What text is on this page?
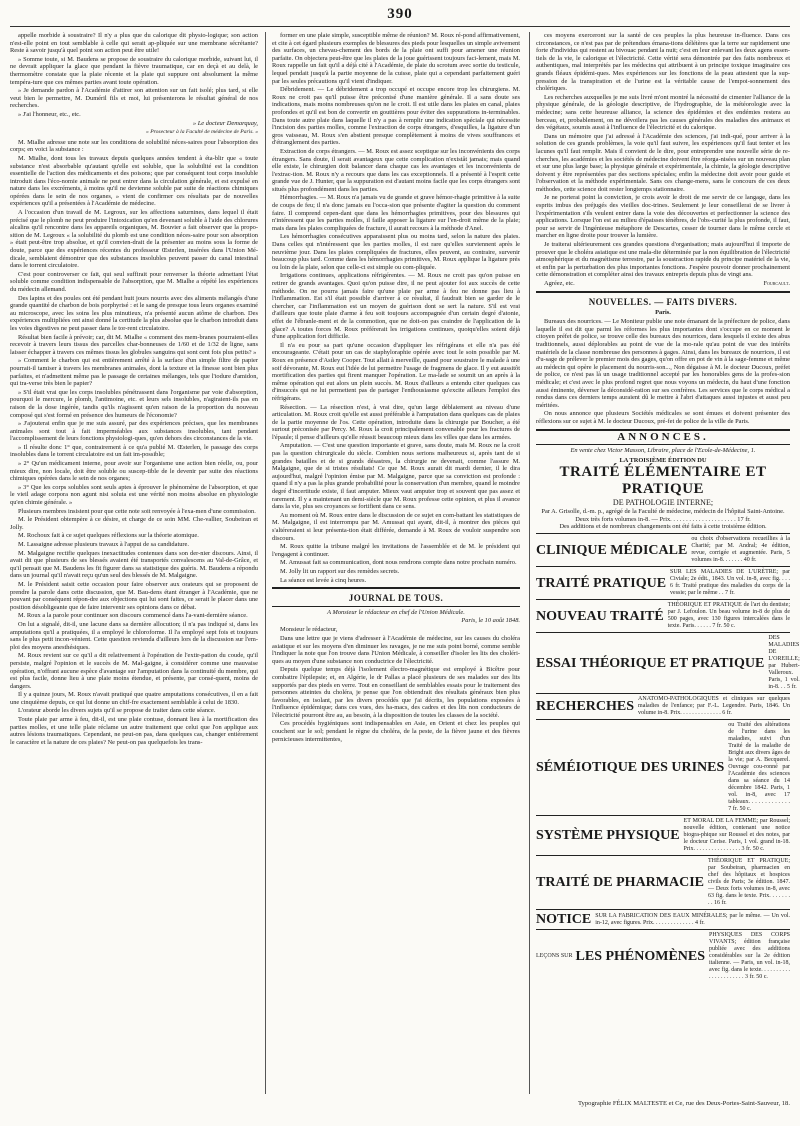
390

appelle morbide à soustraire? Il n'y a plus que du calorique dit physio-logique; son action n'est-elle point en tout semblable à celle qui serait ap-pliquée sur une membrane sécrétante? Reste à savoir jusqu'à quel point son action peut être utile!

» Somme toute, si M. Baudens se propose de soustraire du calorique morbide, suivant lui, il ne devrait appliquer la glace que pendant la fièvre traumatique, car en deçà et au delà, le thermomètre constate que la plaie récente et la plaie qui suppure ont absolument la même tempéra-ture que ces mêmes parties avant toute opération.

» Je demande pardon à l'Académie d'attirer son attention sur un fait isolé; plus tard, si elle veut bien le permettre, M. Duméril fils et moi, lui présenterons le résultat général de nos recherches.

» J'ai l'honneur, etc., etc.

» Le docteur Demarquay,
» Prosecteur à la Faculté de médecine de Paris. »

M. Mialhe adresse une note sur les conditions de solubilité néces-saires pour l'absorption des corps; en voici la substance :

M. Mialhe, dont tous les travaux depuis quelques années tendent à éta-blir que « toute substance n'est absorbable qu'autant qu'elle est soluble, que la solubilité est la condition essentielle de l'action des médicaments et des poisons; que par conséquent tout corps insoluble introduit dans l'éco-nomie animale ne peut entrer dans la circulation générale, et est expulsé en nature dans les excréments, à moins qu'il ne devienne soluble par suite de réactions chimiques opérées dans le sein de nos organes, » vient de confirmer ces résultats par de nouvelles expériences qu'il a présentées à l'Académie de médecine.

A l'occasion d'un travail de M. Legroux, sur les affections saturnines, dans lequel il était précisé que le plomb ne peut produire l'intoxication qu'en devenant soluble à l'aide des chlorures alcalins qu'il rencontre dans les appareils organiques, M. Bouvier a fait observer que la propo-sition de M. Legroux « la solubilité du plomb est une condition néces-saire pour son absorption » était peut-être trop absolue, et qu'il convien-drait de la présenter au moins sous la forme de doute, parce que des expériences récentes du professeur Œsterlen, insérées dans l'Union Mé-dicale, semblaient démontrer que des substances insolubles peuvent passer du canal intestinal dans le torrent circulatoire.

C'est pour controverser ce fait, qui seul suffirait pour renverser la théorie admettant l'état soluble comme condition indispensable de l'absorption, que M. Mialhe a répété les expériences du médecin allemand.

Des lapins et des poules ont été pendant huit jours nourris avec des aliments mélangés d'une grande quantité de charbon de bois porphyrisé : et le sang de presque tous leurs organes examiné au microscope, avec les soins les plus minutieux, n'a présenté aucun atôme de charbon. Des expériences multipliées ont ainsi donné la certitude la plus absolue que le charbon introduit dans les voies digestives ne peut passer dans le tor-rent circulatoire.

Résultat bien facile à prévoir; car, dit M. Mialhe « comment des mem-branes pourraient-elles recevoir à travers leurs tissus des parcelles char-bonneuses de 1/60 et de 1/32 de ligne, sans laisser échapper à travers ces mêmes tissus les globules sanguins qui sont cent fois plus petits? »

» Comment le charbon qui est entièrement arrêté à la surface d'un simple filtre de papier pourrait-il tamiser à travers les membranes animales, dont la texture et la finesse sont bien plus parfaites, et n'admettent même pas le passage de certaines mélanges, tels que l'iodure d'amidon, qui tra-verse très bien le papier?

» S'il était vrai que les corps insolubles pénétrassent dans l'organisme par voie d'absorption, pourquoi le mercure, le plomb, l'antimoine, etc. et leurs sels insolubles, n'agiraient-ils pas en raison de la dose ingérée, tandis qu'ils n'agissent qu'en raison de la proportion du nouveau composé qui s'est formé en présence des humeurs de l'économie?

» J'ajouterai enfin que je me suis assuré, par des expériences précises, que les membranes animales sont tout à fait imperméables aux substances insolubles, tant pendant l'accomplissement de leurs fonctions physiologi-ques, qu'en dehors des circonstances de la vie.

» Il résulte donc 1° que, contrairement à ce qu'a publié M. Œsterlen, le passage des corps insolubles dans le torrent circulatoire est un fait im-possible;

» 2° Qu'un médicament interne, pour avoir sur l'organisme une action bien réelle, ou, pour mieux dire, non locale, doit être soluble ou suscep-tible de le devenir par suite des réactions chimiques opérées dans le sein de nos organes;

» 3° Que les corps solubles sont seuls aptes à éprouver le phénomène de l'absorption, et que le vieil adage corpora non agunt nisi soluta est une vérité non moins absolue en physiologie qu'en chimie générale. »

Plusieurs membres insistent pour que cette note soit renvoyée à l'exa-men d'une commission.

M. le Président obtempère à ce désire, et charge de ce soin MM. Che-vallier, Soubeiran et Jolly.

M. Rochoux fait à ce sujet quelques réflexions sur la théorie atomique.

M. Lassaigne adresse plusieurs travaux à l'appui de sa candidature.

M. Malgaigne rectifie quelques inexactitudes contenues dans son der-nier discours. Ainsi, il avait dit que plusieurs de ses blessés avaient été transportés convalescens au Val-de-Grâce, et qu'il pensait que M. Baudens les fit figurer dans sa statistique des guéris. M. Baudens a répondu dans un journal qu'il n'avait reçu qu'un seul des blessés de M. Malgaigne.

M. le Président saisit cette occasion pour faire observer aux orateurs qui se proposent de prendre la parole dans cette discussion, que M. Bau-dens étant étranger à l'Académie, que ne pouvant par conséquent répon-dre aux objections qui lui sont faites, ce serait le placer dans une position désobligeante que de faire intervenir ses opinions dans ce débat.

M. Roux a la parole pour continuer son discours commencé dans l'a-vant-dernière séance.

On lui a signalé, dit-il, une lacune dans sa dernière allocution; il n'a pas indiqué si, dans les amputations qu'il a pratiquées, il a employé le chloroforme. Il l'a employé sept fois et toujours sans le plus petit incon-vénient. Cette question revienda d'ailleurs lors de la discussion sur l'em-ploi des moyens anesthésiques.

M. Roux revient sur ce qu'il a dit relativement à l'opération de l'extir-pation du coude, qu'il persiste, malgré l'opinion et le succès de M. Mal-gaigne, à considérer comme une mauvaise opération, n'offrant aucune espèce d'avantage sur l'amputation dans la continuité du membre, qui est plus facile, donne lieu à une plaie moins étendue, et présente, par consé-quent, moins de dangers.

Il y a quinze jours, M. Roux n'avait pratiqué que quatre amputations consécutives, il en a fait une cinquième depuis, ce qui lui donne un chif-fre exactement semblable à celui de 1830.

L'orateur aborde les divers sujets qu'il se propose de traiter dans cette séance.

Toute plaie par arme à feu, dit-il, est une plaie contuse, donnant lieu à la mortification des parties molles, et une telle plaie réclame un autre traitement que celui que l'on applique aux autres lésions traumatiques. Cependant, ne peut-on pas, dans quelques cas, changer entièrement le caractère et la nature de ces plaies? Ne peut-on pas quelquefois les trans-

former en une plaie simple, susceptible même de réunion? M. Roux ré-pond affirmativement, et cite à cet égard plusieurs exemples de blessures des pieds pour lesquelles un simple avivement des surfaces, un chevau-chement des bords de la plaie ont suffi pour amener une réunion parfaite. On objectera peut-être que les plaies de la joue guérissent toujours faci-lement, mais M. Roux rappelle un fait qu'il a déjà cité à l'Académie, de plaie du scrotum avec sortie du testicule, lequel pendait jusqu'à la partie moyenne de la cuisse, plaie qui a cependant parfaitement guéri par les seules précautions qu'il vient d'indiquer.

Débridement. — Le débridement a trop occupé et occupe encore trop les chirurgiens. M. Roux ne croit pas qu'il puisse être préconisé d'une manière générale. Il a sans doute ses indications, mais moins nombreuses qu'on ne le croit. Il est utile dans les plaies en canal, plaies profondes et qu'il est bon de convertir en gouttières pour éviter des suppurations in-terminables. Dans toute autre plaie dans laquelle il n'y a pas à remplir une indication spéciale qui nécessite l'incision des parties molles, comme l'extraction de corps étrangers, d'esquilles, la ligature d'un gros vaisseau, M. Roux s'en abstient presque complètement à moins de vives souffrances et d'étranglement des parties.

Extraction de corps étrangers. — M. Roux est assez sceptique sur les inconvénients des corps étrangers. Sans doute, il serait avantageux que cette complication n'existât jamais; mais quand elle existe, le chirurgien doit balancer dans chaque cas les avantages et les inconvénients de l'extrac-tion. M. Roux n'y a recours que dans les cas exceptionnels. Il a présenté à l'esprit cette grande vue de J. Hunter, que la suppuration est d'autant moins facile que les corps étrangers sont situés plus profondément dans les parties.

Hémorrhagies. — M. Roux n'a jamais vu de grande et grave hémor-rhagie primitive à la suite de coups de feu; il n'a donc jamais eu l'occa-sion que présente d'agiter la question du comment faire. Il comprend cepen-dant que dans les hémorrhagies primitives, pour des blessures qui n'intéressent que les parties molles, il faille apposer la ligature sur l'en-droit même de la plaie; mais dans les plaies compliquées de fracture, il aurait recours à la méthode d'Anel.

Les hémorrhagies consécutives apparaissent plus ou moins tard, selon la nature des plaies. Dans celles qui n'intéressent que les parties molles, il est rare qu'elles surviennent après le neuvième jour. Dans les plaies compliquées de fractures, elles peuvent, au contraire, survenir beaucoup plus tard. Comme dans les hémorrhagies primitives, M. Roux applique la ligature près ou loin de la plaie, selon que celle-ci est simple ou com-pliquée.

Irrigations continues, applications réfrigérentes. — M. Roux ne croit pas qu'on puisse en retirer de grands avantages. Quoi qu'on puisse dire, il ne peut ajouter foi aux succès de cette méthode. On ne pourra jamais faire qu'une plaie par arme à feu ne donne pas lieu à l'inflammation. Est s'il était possible d'arriver à ce résultat, il faudrait bien se garder de le chercher, car l'inflammation est un moyen de guérison dont se sert la nature. S'il est vrai d'ailleurs que toute plaie d'arme à feu soit toujours accompagnée d'un certain degré d'atonie, effet de l'ébranle-ment et de la commotion, que ne doit-on pas craindre de l'application de la glace? A toutes forces M. Roux préférerait les irrigations continues, quoiqu'elles soient déjà d'une application fort difficile.

Il n'a eu pour sa part qu'une occasion d'appliquer les réfrigérans et elle n'a pas été encourageante. C'était pour un cas de staphyloraphie opérée avec tout le soin possible par M. Roux en présence d'Astley Cooper. Tout allait à merveille, quand pour soustraire le malade à une soif dévorante, M. Roux eut l'idée de lui permettre l'usage de fragmens de glace. Il y eut aussitôt mortification des parties qui firent manquer l'opération. Le ma-lade se soumit un an après à la même opération qui eut alors un plein succès. M. Roux d'ailleurs a entendu citer quelques cas d'insuccès qui ne lui permettent pas de partager l'enthousiasme qu'excite ailleurs l'emploi des réfrigérans.

Résection. — La résection n'est, à vrai dire, qu'un large déblaiement au niveau d'une articulation. M. Roux croit qu'elle est aussi préférable à l'amputation dans quelques cas de plaies de la partie moyenne de l'os. Cette opération, introduite dans la chirurgie par Boucher, a été surtout préconisée par Percy. M. Roux la croit principalement convenable pour les fractures de l'épaule; il pense d'ailleurs qu'elle réussit beaucoup mieux dans les villes que dans les armées.

Amputation. — C'est une question importante et grave, sans doute, mais M. Roux ne la croit pas la question chirurgicale du siècle. Combien nous serions malheureux si, après tant de si grandes batailles et de si grands désastres, la chirurgie ne devenait, comme l'assure M. Malgaigne, que de si tristes résultats! Ce que M. Roux aurait dit mardi dernier, il le dira aujourd'hui, malgré l'opinion émise par M. Malgaigne, parce que sa conviction est profonde : quand il n'y a pas la plus grande probabilité pour la conservation d'un membre, quand le moindre degré d'incertitude existe, il faut amputer. Mieux vaut amputer trop et souvent que pas assez et rarement. Il y a maintenant un demi-siècle que M. Roux professe cette opinion, et plus il avance dans la vie, plus ses croyances se fortifient dans ce sens.

Au moment où M. Roux entre dans le discussion de ce sujet en com-battant les statistiques de M. Malgaigne, il est interrompu par M. Amussat qui ayant, dit-il, à montrer des pièces qui s'altéreraient si leur présenta-tion était différée, demande à M. Roux de vouloir suspendre son discours.

M. Roux quitte la tribune malgré les invitations de l'assemblée et de M. le président qui l'engagent à continuer.

M. Amussat fait sa communication, dont nous rendrons compte dans notre prochain numéro.

M. Jolly lit un rapport sur des remèdes secrets.

La séance est levée à cinq heures.

JOURNAL DE TOUS.
A Monsieur le rédacteur en chef de l'Union Médicale.
Paris, le 10 août 1848.

Monsieur le rédacteur,

Dans une lettre que je viens d'adresser à l'Académie de médecine, sur les causes du choléra asiatique et sur les moyens d'en diminuer les ravages, je ne me suis point borné, comme semble l'indiquer la note que l'on trouve dans l'Union Médicale, à conseiller d'isoler les lits des choléri-ques au moyen d'une substance non conductrice de l'électricité.

Depuis quelque temps déjà l'isolement électro-magnétique est employé à Bicêtre pour combattre l'épilepsie; et, en Algérie, le dr Pallas a placé plusieurs de ses malades sur des lits supportés par des pieds en verre. Tout en conseillant de semblables essais pour le traitement des personnes atteintes du choléra, je pense que l'on obtiendrait des résultats généraux bien plus favorables, en isolant, par les divers procédés que j'ai décrits, les populations exposées à l'influence épidémique; dans ces vues, des ha-macs, des cadres et des lits non conducteurs de l'électricité pourront être au, au besoin, à la disposition de toutes les classes de la société.

Ces procédés hygiéniques sont indispensables en Asie, en Orient et chez les peuples qui couchent sur le sol; pendant le règne du choléra, de la peste, de la fièvre jaune et des fièvres pernicieuses intermittentes,

ces moyens exerceront sur la santé de ces peuples la plus heureuse in-fluence. Dans ces circonstances, ce n'est pas par de prétendues émana-tions délétères que la terre sur rapidement une forte d'individus qui restent au bivouac pendant la nuit; c'est en leur enlevant les deux agens essen-tiels de la vie, le calorique et l'électricité. Cette vérité sera démontrée par des faits nombreux et authentiques, mal interprétés par les médecins qui attribuent à un principe toxique imaginaire ces grands fléaux épidémi-ques. Mes expériences sur les fonctions de la peau attestent que la sup-pression de la transpiration et de l'urine est la véritable cause de l'empoi-sonnement des cholériques.

Les recherches auxquelles je me suis livré m'ont montré la nécessité de cimenter l'alliance de la physique générale, de la géologie descriptive, de l'hydrographie, de la météorologie avec la médecine; sans cette heureuse alliance, la science des épidémies et des endémies restera au berceau, et, probablement, on ne dévoilera pas les causes générales des maladies des animaux et des végétaux, soumis aussi à l'influence de l'électricité et du calorique.

Dans un mémoire que j'ai adressé à l'Académie des sciences, j'ai indi-qué, pour arriver à la solution de ces grands problèmes, la voie qu'il faut suivre, les expériences qu'il faut tenter et les lacunes qu'il faut remplir. Mais il convient de le dire, pour entreprendre une nouvelle série de re-cherches, les académies et les sociétés de médecine doivent être réorga-nisées sur un nouveau plan et sur une plus large base; la physique générale et expérimentale, la chimie, la géologie descriptive doivent y être représentées par des sections spéciales; enfin la médecine doit avoir pour guide et l'observation et la méthode expérimentale. Sans ces change-mens, sans le concours de ces deux méthodes, cette science doit rester longtemps stationnaire.

Je ne porterai point la conviction, je crois avoir le droit de me servir de ce langage, dans les esprits imbus des préjugés des vieilles doc-trines. Seulement je leur conseillerai de se livrer à l'expérimentation s'ils veulent entrer dans la voie des découvertes et perfectionner la science des applications. Lorsque l'on est au milieu d'épaisses ténèbres, de l'obs-curité la plus profonde, il faut, pour se servir de l'ingénieuse métaphore de Descartes, cesser de tourner dans le même cercle et marcher en ligne droite pour trouver la lumière.

Je traiterai ultérieurement ces grandes questions d'organisation; mais aujourd'hui il importe de prouver que le choléra asiatique est une mala-die déterminée par la non équilibration de l'électricité atmosphérique et du magnétisme terrestre, par la soustraction rapide du principe matériel de la vie, et enfin par la perturbation des plus importantes fonctions. J'espère pouvoir donner prochainement cette démonstration et compléter ainsi des travaux entrepris depuis plus de vingt ans.

Agréez, etc.	Fourcault.
NOUVELLES. — FAITS DIVERS.
Paris.

Bureaux des nourrices. — Le Moniteur publie une note émanant de la préfecture de police, dans laquelle il est dit que parmi les réformes les plus importantes dont s'occupe en ce moment le citoyen préfet de police, se trouve celle des bureaux des nourrices, dans lesquels il existe des abus traditionnels, aussi déplorables au point de vue de la mo-rale qu'au point de vue des intérêts matériels de la classe nombreuse des personnes à gages. Ainsi, dans les bureaux de nourrices, il est d'u-sage de prélever le premier mois des gages, qu'on offre en pot de vin à la sage-femme et même au médecin qui opère le placement du nourris-son..., Non dégaisse à M. le docteur Ducoux, préfet de police, ce n'est pas là un usage traditionnel accepté par les honorables gens de la profes-sion médicale; et c'est avec le plus profond regret que nous voyons un médecin, du haut d'une fonction aussi éminente, déverser la déconsidé-ration sur ses confrères. Les services que le corps médical a rendus dans ces derniers temps auraient dû le mettre à l'abri d'attaques aussi injustes et aussi peu méritées.

On nous annonce que plusieurs Sociétés médicales se sont émues et doivent présenter des réflexions sur ce sujet à M. le docteur Ducoux, pré-fet de police de la ville de Paris.

ANNONCES.
En vente chez Victor Masson, Libraire, place de l'Ecole-de-Médecine, 1.
LA TROISIÈME ÉDITION DU
TRAITÉ ÉLÉMENTAIRE ET PRATIQUE
DE PATHOLOGIE INTERNE;
Par A. Grisolle, d.-m. p., agrégé de la Faculté de médecine, médecin de l'hôpital Saint-Antoine.
Deux très forts volumes in-8. — Prix. . . . . . . . . . . . . . . . . . . . . 17 fr.
Des additions et de nombreux changements ont été faits à cette troisième édition.
CLINIQUE MÉDICALE
ou choix d'observations recueillies à la Charité; par M. Andral; 4e édition, revue, corrigée et augmentée. Paris, 5 volumes in-8. . . . . . . 40 fr.
TRAITÉ PRATIQUE
SUR LES MALADIES DE L'URÈTRE; par Civiale; 2e édit., 1843. Un vol. in-8, avec fig. . . . 6 fr. Traité pratique des maladies du corps de la vessie; par le même . . 7 fr.
NOUVEAU TRAITÉ
THÉORIQUE ET PRATIQUE de l'art du dentiste; par J. Lefoulon. Un beau volume in-8 de plus de 500 pages, avec 130 figures intercalées dans le texte. Paris. . . . . . 7 fr. 50 c.
ESSAI THÉORIQUE ET PRATIQUE
DES MALADIES DE L'OREILLE; par Hubert-Valleroux. Paris, 1 vol. in-8. . . 5 fr.
RECHERCHES ANATOMO-PATHOLOGIQUES et cliniques sur quelques maladies de l'enfance; par F.-L. Legendre. Paris, 1846. Un volume in-8. Prix. . . . . . . . . . . . . . 6 fr.
SÉMÉIOTIQUE DES URINES
ou Traité des altérations de l'urine dans les maladies, suivi d'un Traité de la maladie de Bright aux divers âges de la vie; par A. Becquerel. Ouvrage cou-ronné par l'Académie des sciences dans sa séance du 14 décembre 1842. Paris, 1 vol. in-8, avec 17 tableaux. . . . . . . . . . . . . 7 fr. 50 c.
SYSTÈME PHYSIQUE
ET MORAL DE LA FEMME; par Roussel; nouvelle édition, contenant une notice biogra-phique sur Roussel et des notes, par le docteur Cerise. Paris, 1 vol. grand in-18. Prix. . . . . . . . . . . . . . . . 3 fr. 50 c.
TRAITÉ DE PHARMACIE
THÉORIQUE ET PRATIQUE; par Soubeiran, pharmacien en chef des hôpitaux et hospices civils de Paris; 3e édition. 1847. — Deux forts volumes in-8, avec 63 fig. dans le texte. Prix. . . . . . . . . 16 fr.
NOTICE SUR LA FABRICATION DES EAUX MINÉRALES; par le même. — Un vol. in-12, avec figures. Prix. . . . . . . . . . . . . . 4 fr.
LEÇONS SUR LES PHÉNOMÈNES
PHYSIQUES DES CORPS VIVANTS; édition française publiée avec des additions considérables sur la 2e édition italienne. — Paris, un vol. in-18, avec fig. dans le texte. . . . . . . . . . . . . . . . . . . . . . 3 fr. 50 c.
Typographie FÉLIX MALTESTE et Ce, rue des Deux-Portes-Saint-Sauveur, 18.
